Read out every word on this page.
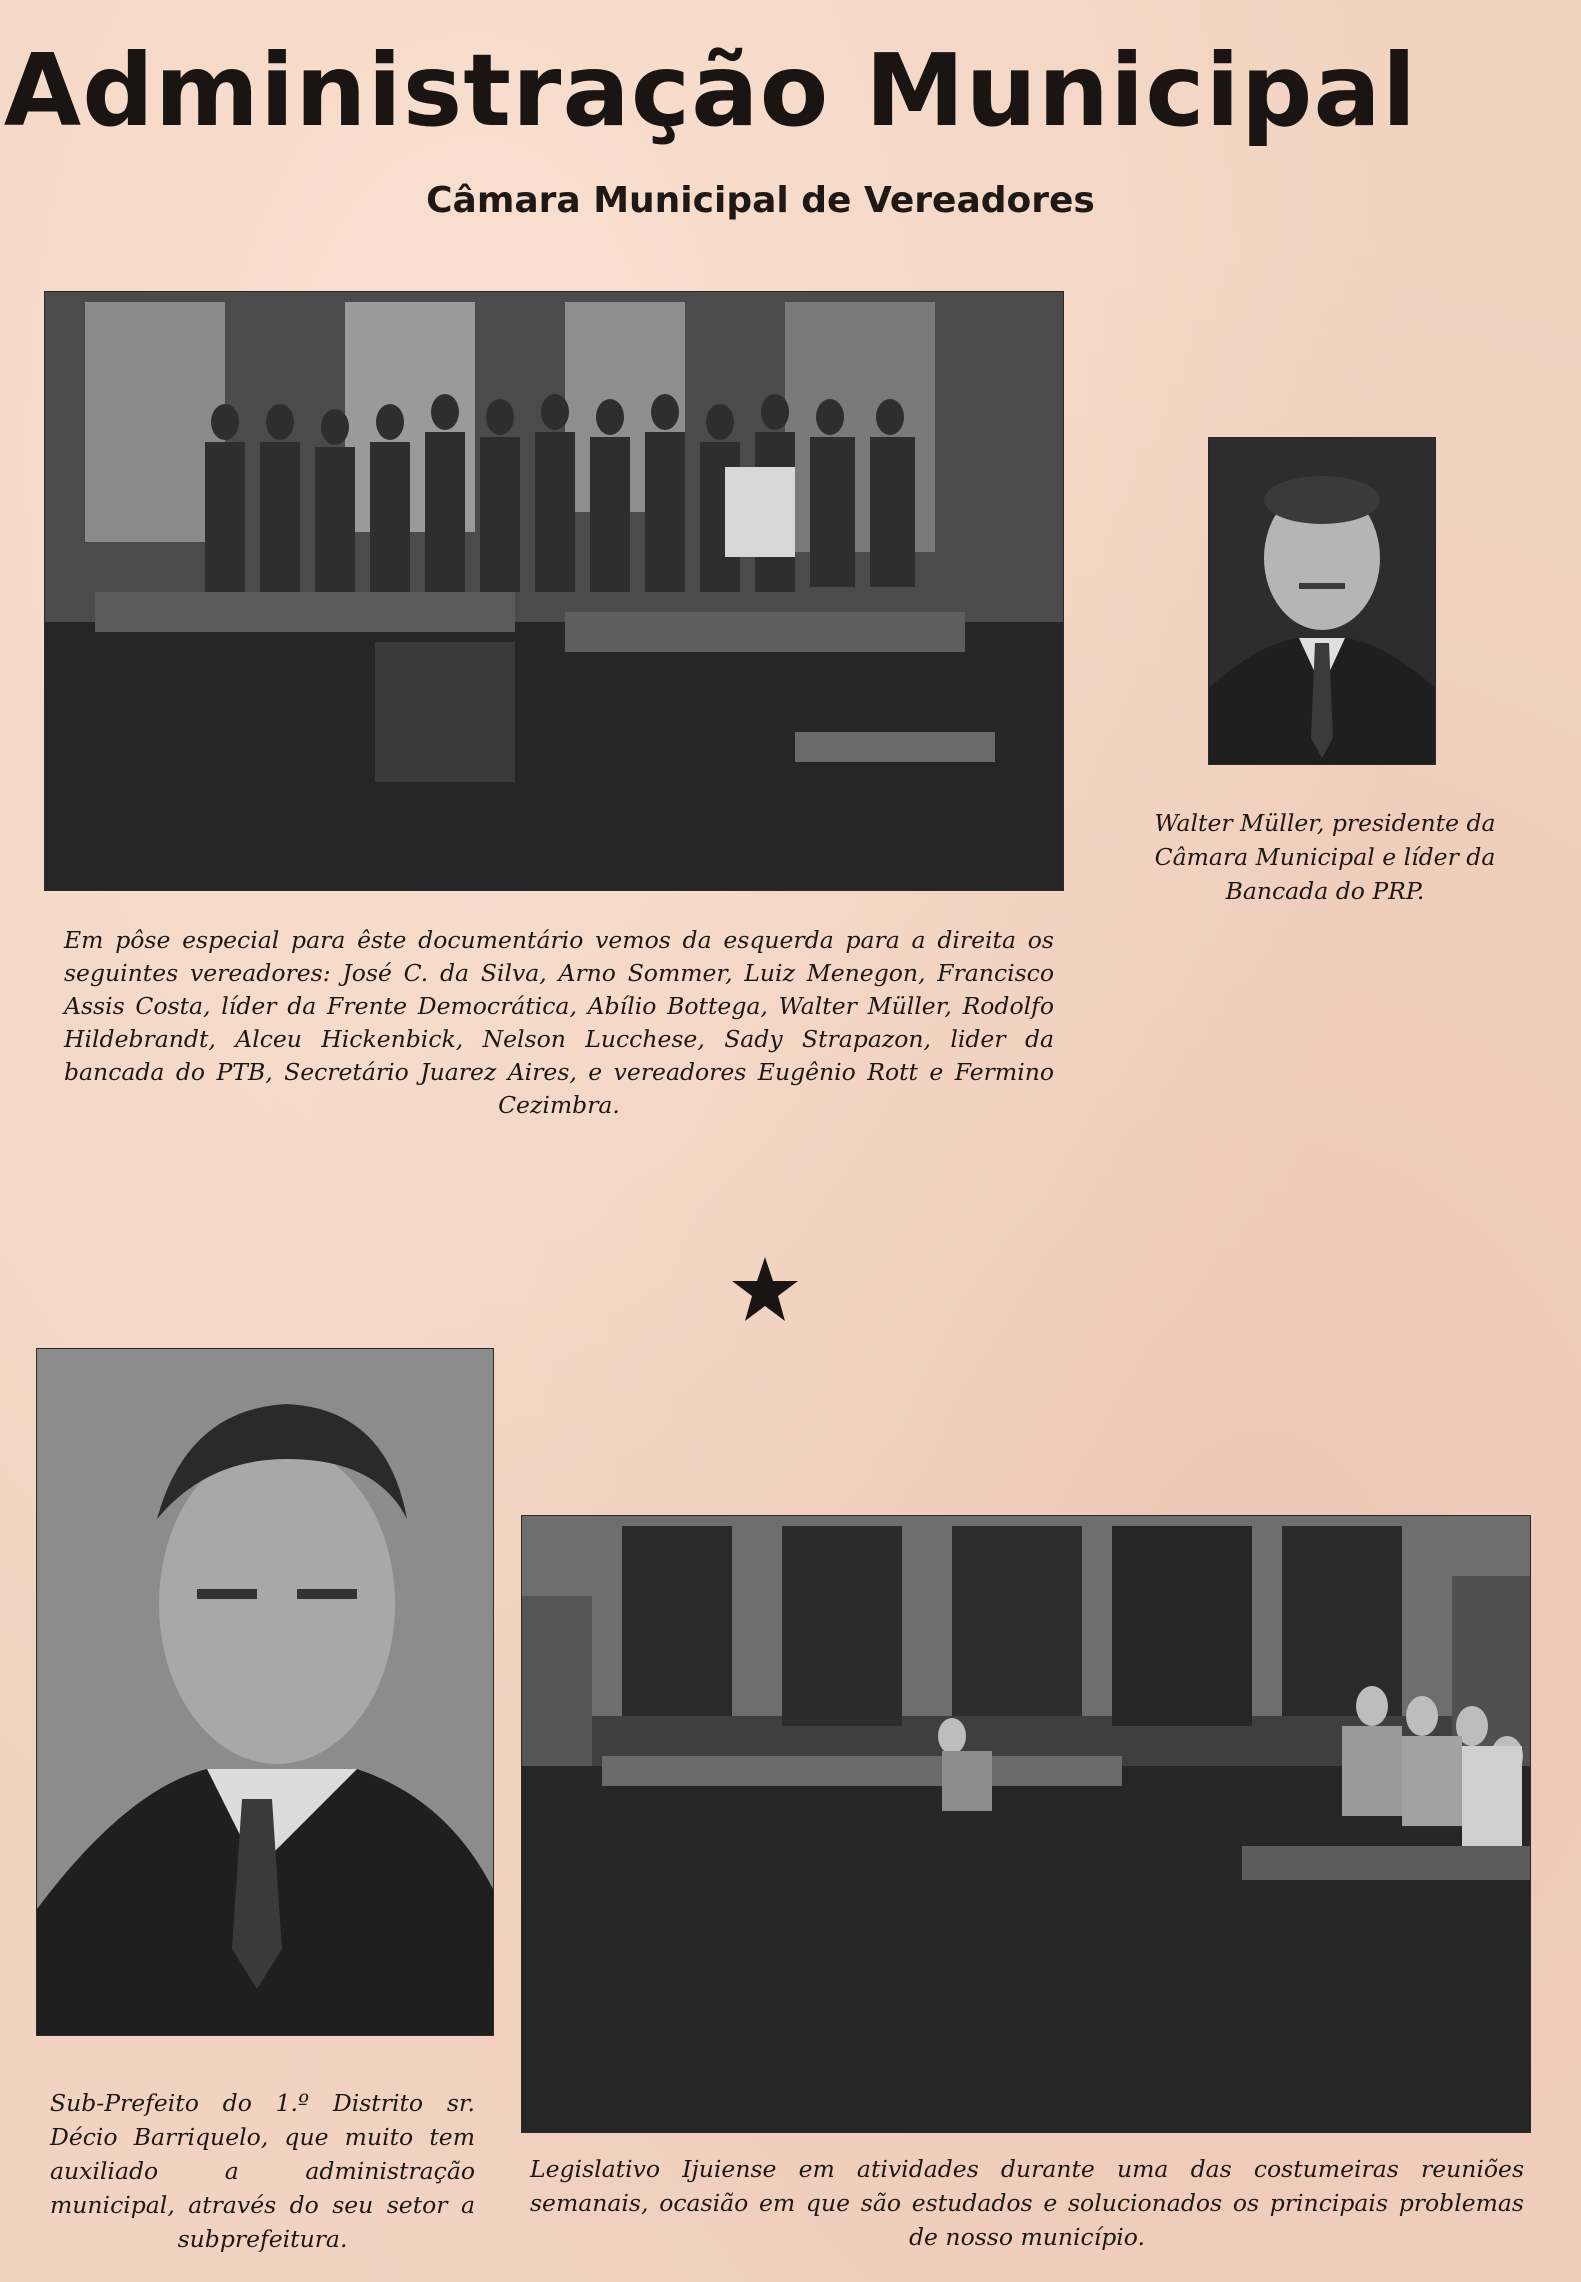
Administração Municipal
Câmara Municipal de Vereadores

Walter Müller, presidente da Câmara Municipal e líder da Bancada do PRP.

Em pôse especial para êste documentário vemos da esquerda para a direita os seguintes vereadores: José C. da Silva, Arno Sommer, Luiz Menegon, Francisco Assis Costa, líder da Frente Democrática, Abílio Bottega, Walter Müller, Rodolfo Hildebrandt, Alceu Hickenbick, Nelson Lucchese, Sady Strapazon, lider da bancada do PTB, Secretário Juarez Aires, e vereadores Eugênio Rott e Fermino Cezimbra.

Sub-Prefeito do 1.º Distrito sr. Décio Barriquelo, que muito tem auxiliado a administração municipal, através do seu setor a subprefeitura.

Legislativo Ijuiense em atividades durante uma das costumeiras reuniões semanais, ocasião em que são estudados e solucionados os principais problemas de nosso município.
